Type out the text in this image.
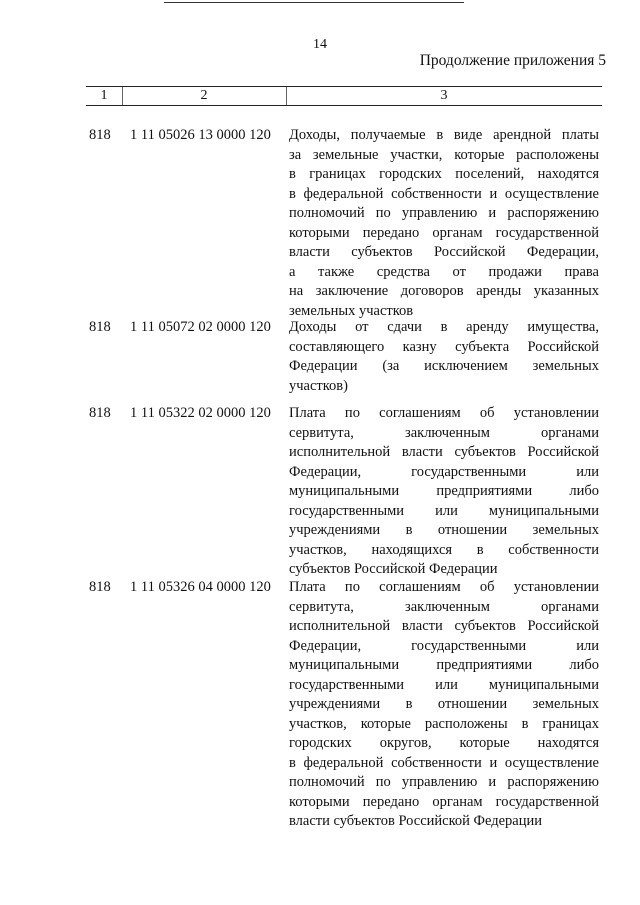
14
Продолжение приложения 5
1	2	3
818 1 11 05026 13 0000 120 Доходы, получаемые в виде арендной платы
за земельные участки, которые расположены
в границах городских поселений, находятся
в федеральной собственности и осуществление
полномочий по управлению и распоряжению
которыми передано органам государственной
власти субъектов Российской Федерации,
а также средства от продажи права
на заключение договоров аренды указанных
земельных участков
818 1 11 05072 02 0000 120 Доходы от сдачи в аренду имущества,
составляющего казну субъекта Российской
Федерации (за исключением земельных
участков)
818 1 11 05322 02 0000 120 Плата по соглашениям об установлении
сервитута, заключенным органами
исполнительной власти субъектов Российской
Федерации, государственными или
муниципальными предприятиями либо
государственными или муниципальными
учреждениями в отношении земельных
участков, находящихся в собственности
субъектов Российской Федерации
818 1 11 05326 04 0000 120 Плата по соглашениям об установлении
сервитута, заключенным органами
исполнительной власти субъектов Российской
Федерации, государственными или
муниципальными предприятиями либо
государственными или муниципальными
учреждениями в отношении земельных
участков, которые расположены в границах
городских округов, которые находятся
в федеральной собственности и осуществление
полномочий по управлению и распоряжению
которыми передано органам государственной
власти субъектов Российской Федерации
